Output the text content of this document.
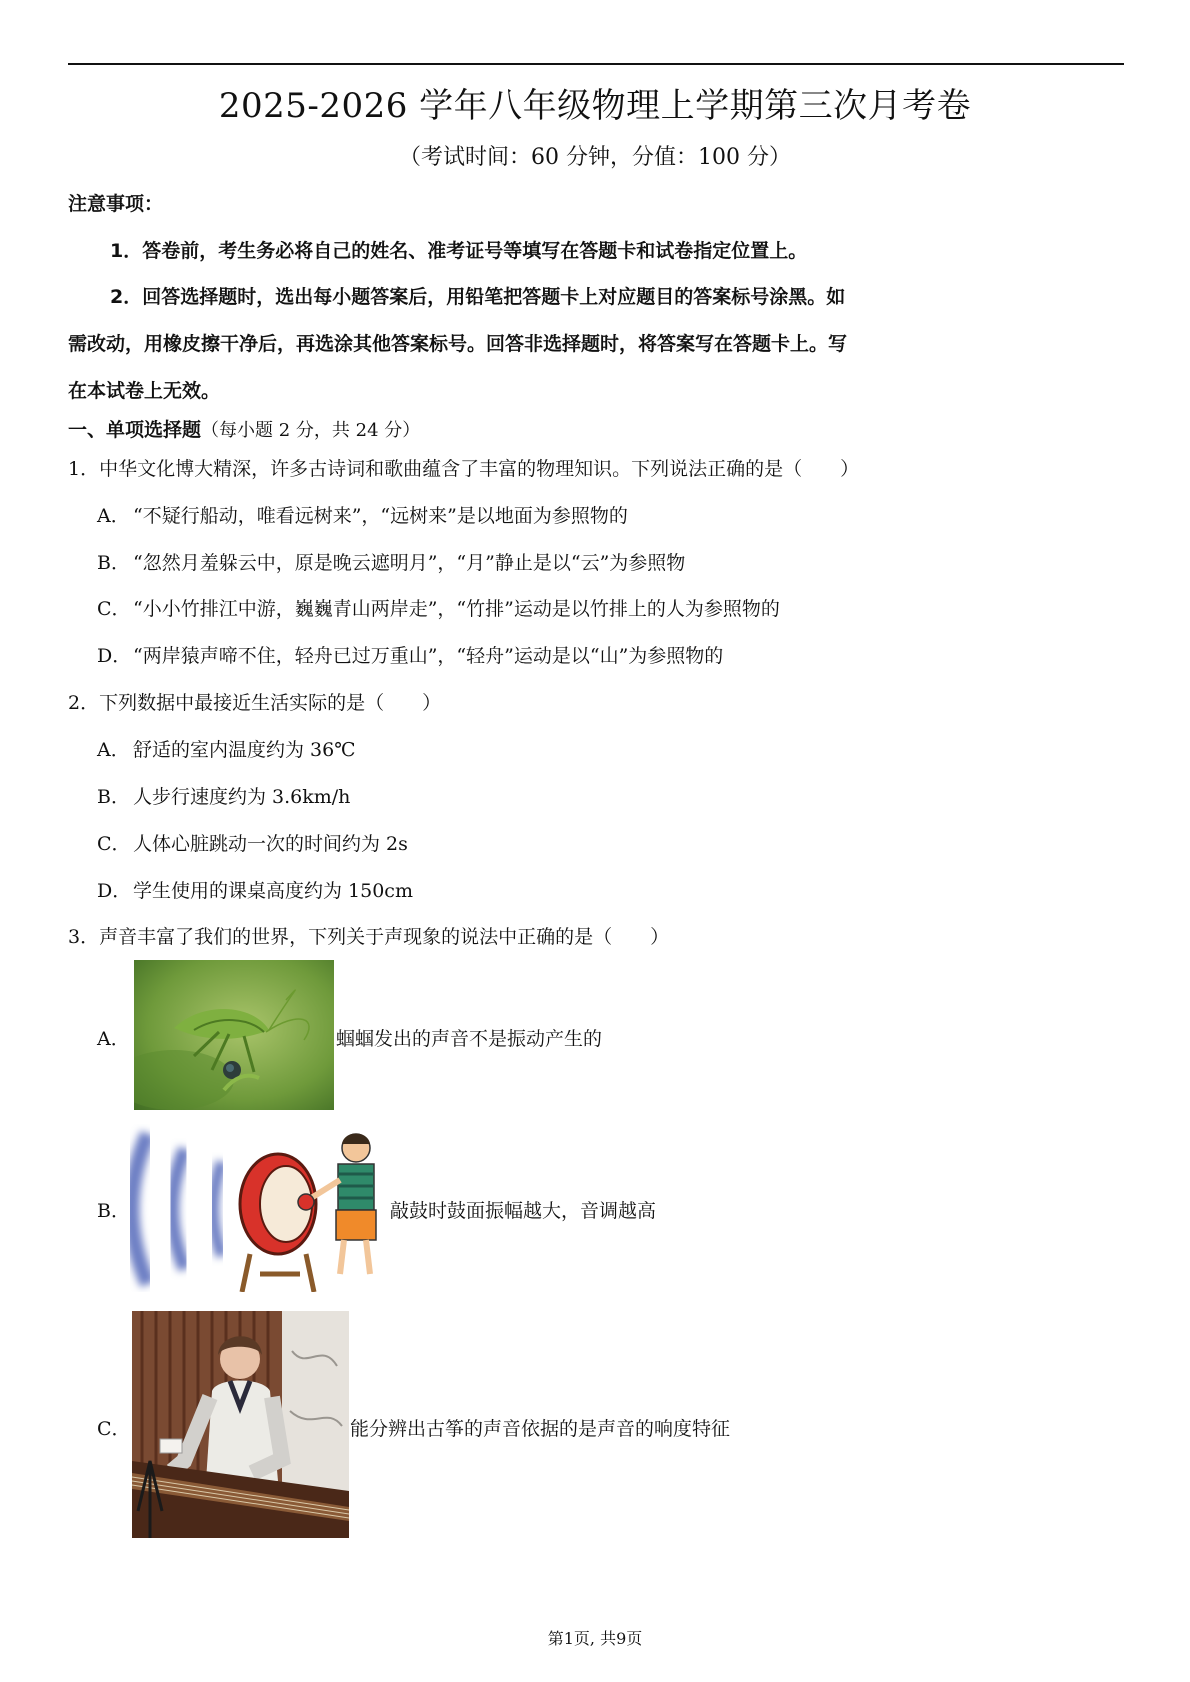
2025-2026 学年八年级物理上学期第三次月考卷
（考试时间：60 分钟，分值：100 分）
注意事项：
1．答卷前，考生务必将自己的姓名、准考证号等填写在答题卡和试卷指定位置上。
2．回答选择题时，选出每小题答案后，用铅笔把答题卡上对应题目的答案标号涂黑。如
需改动，用橡皮擦干净后，再选涂其他答案标号。回答非选择题时，将答案写在答题卡上。写
在本试卷上无效。
一、单项选择题（每小题 2 分，共 24 分）
1．中华文化博大精深，许多古诗词和歌曲蕴含了丰富的物理知识。下列说法正确的是（　　）
A． “不疑行船动，唯看远树来”，“远树来”是以地面为参照物的
B． “忽然月羞躲云中，原是晚云遮明月”，“月”静止是以“云”为参照物
C． “小小竹排江中游，巍巍青山两岸走”，“竹排”运动是以竹排上的人为参照物的
D．“两岸猿声啼不住，轻舟已过万重山”，“轻舟”运动是以“山”为参照物的
2．下列数据中最接近生活实际的是（　　）
A． 舒适的室内温度约为 36℃
B． 人步行速度约为 3.6km/h
C． 人体心脏跳动一次的时间约为 2s
D．学生使用的课桌高度约为 150cm
3．声音丰富了我们的世界，下列关于声现象的说法中正确的是（　　）
A．	蝈蝈发出的声音不是振动产生的
B．	敲鼓时鼓面振幅越大，音调越高
C．	能分辨出古筝的声音依据的是声音的响度特征
第1页, 共9页
